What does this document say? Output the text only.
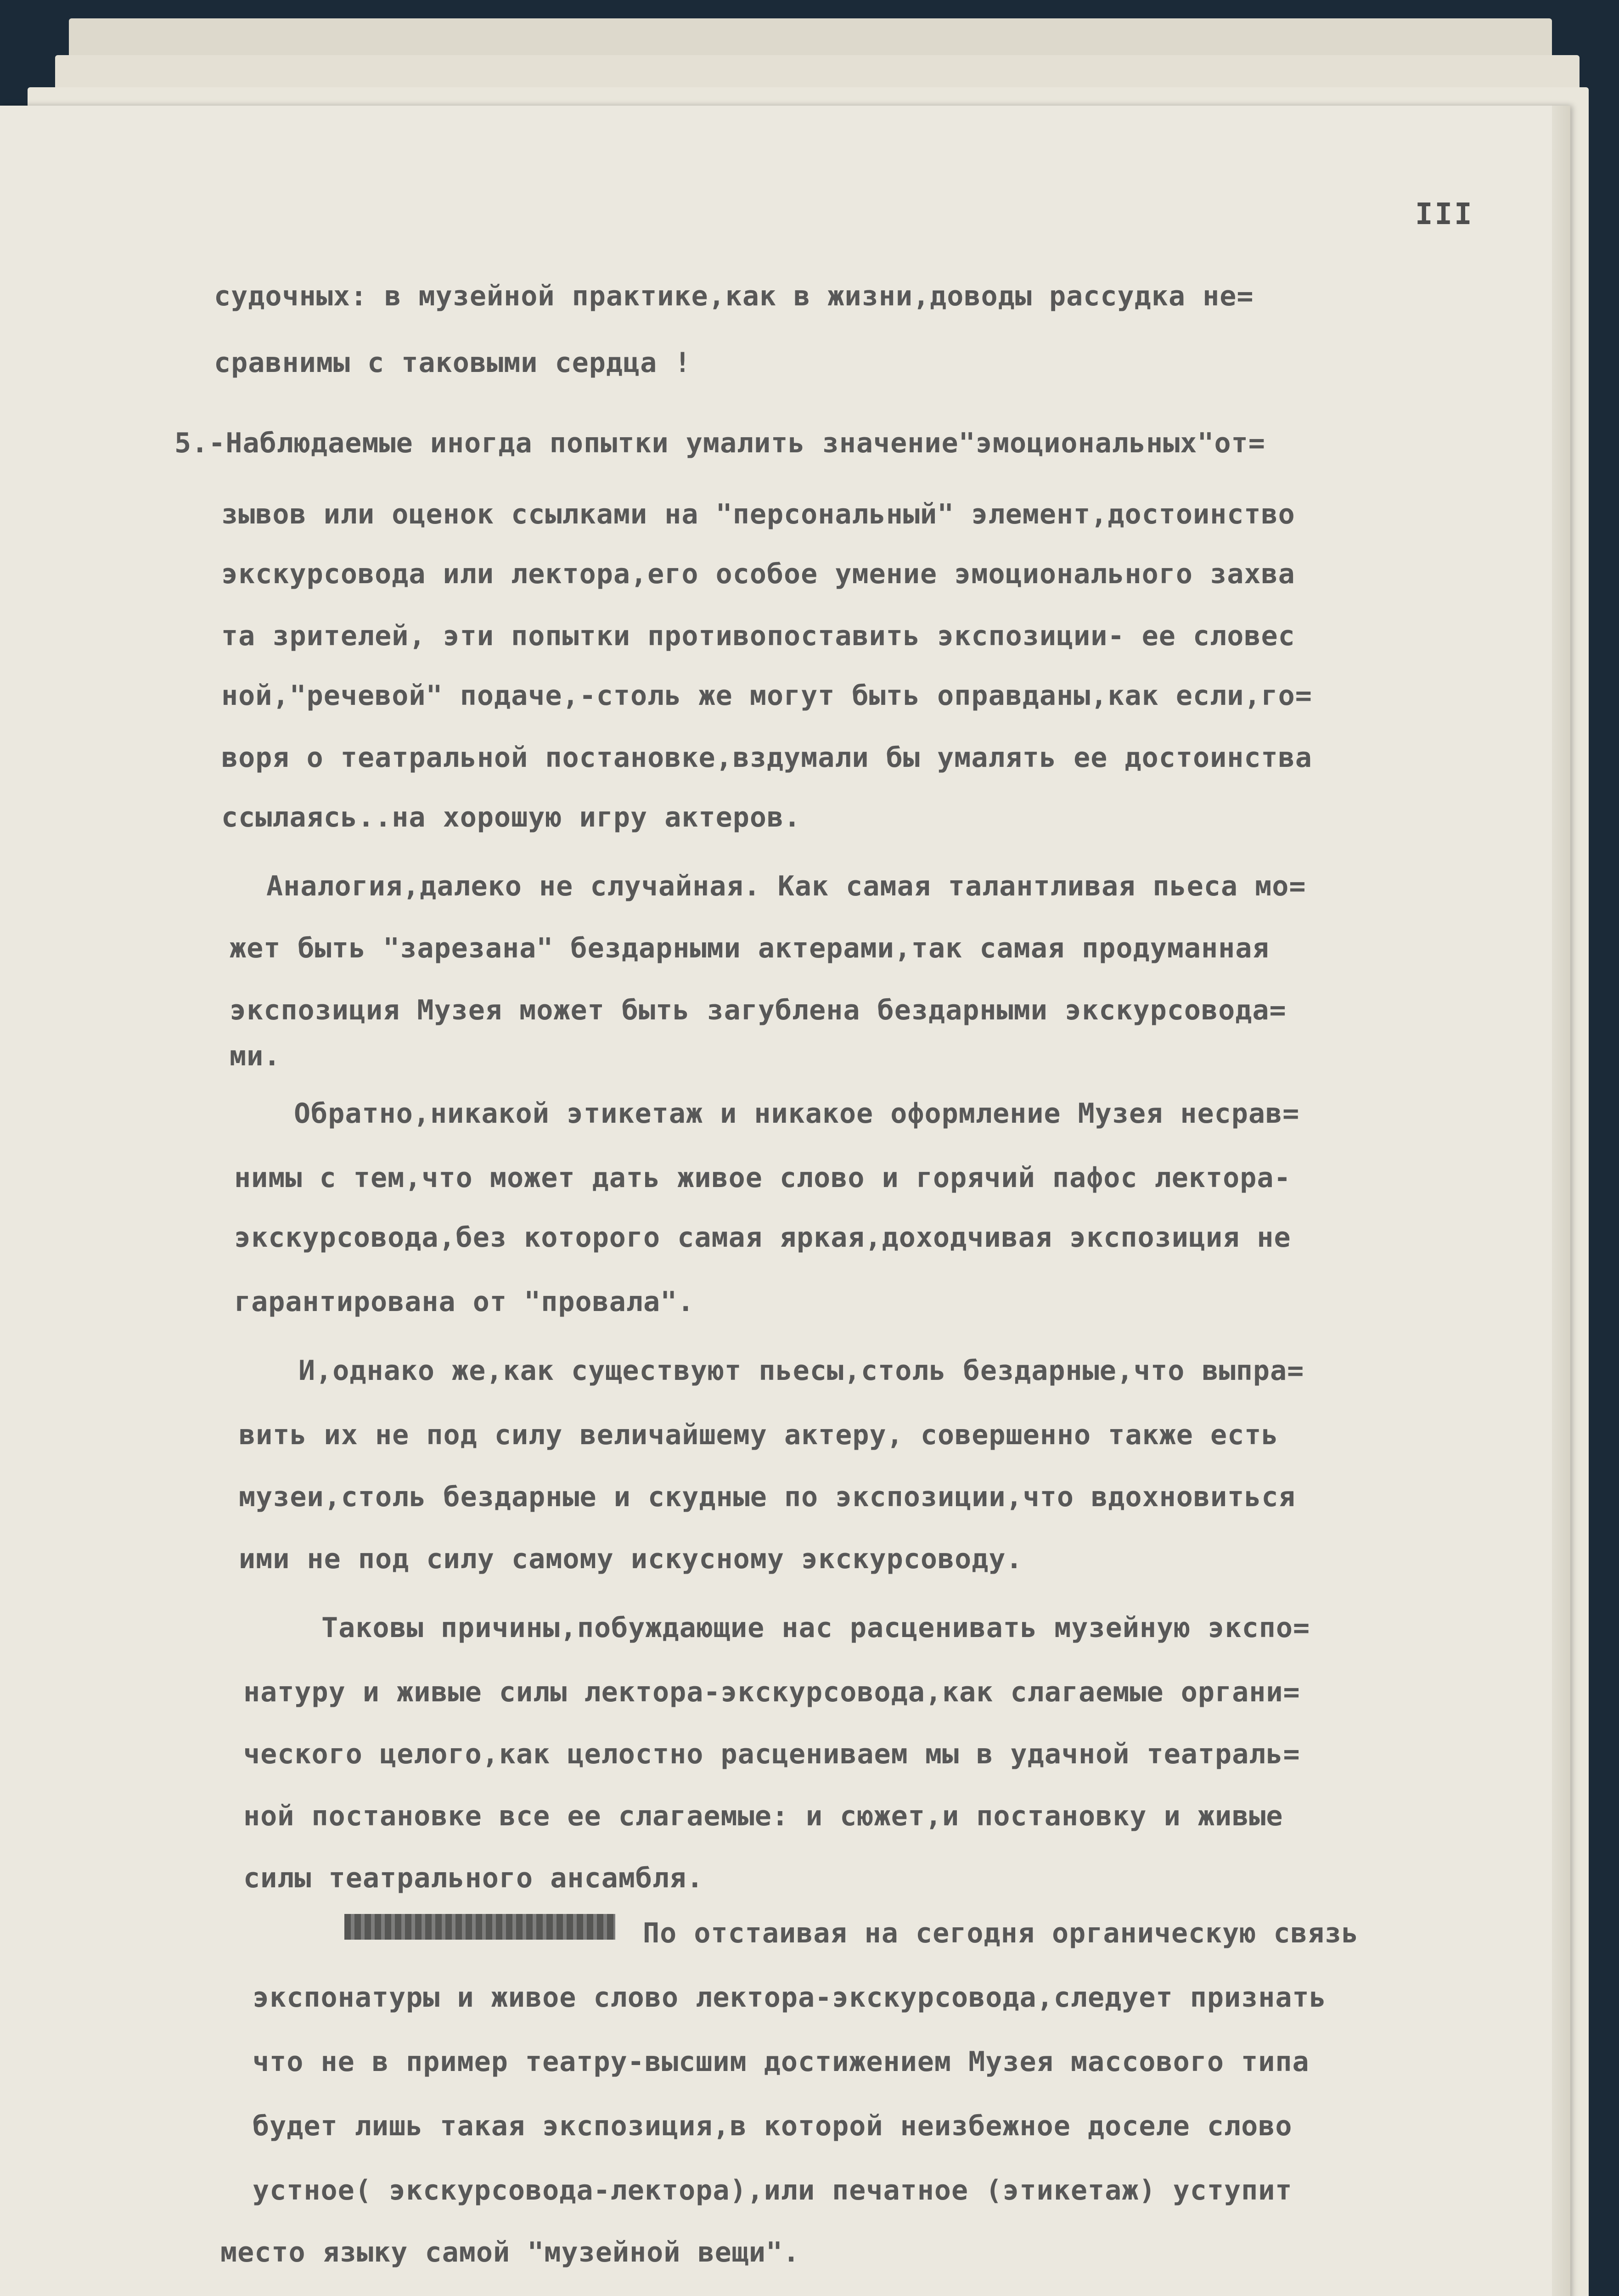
III
судочных: в музейной практике,как в жизни,доводы рассудка не=
сравнимы с таковыми сердца !
5.-Наблюдаемые иногда попытки умалить значение"эмоциональных"от=
зывов или оценок ссылками на "персональный" элемент,достоинство
экскурсовода или лектора,его особое умение эмоционального захва
та зрителей, эти попытки противопоставить экспозиции- ее словес
ной,"речевой" подаче,-столь же могут быть оправданы,как если,го=
воря о театральной постановке,вздумали бы умалять ее достоинства
ссылаясь..на хорошую игру актеров.
Аналогия,далеко не случайная. Как самая талантливая пьеса мо=
жет быть "зарезана" бездарными актерами,так самая продуманная
экспозиция Музея может быть загублена бездарными экскурсовода=
ми.
Обратно,никакой этикетаж и никакое оформление Музея несрав=
нимы с тем,что может дать живое слово и горячий пафос лектора-
экскурсовода,без которого самая яркая,доходчивая экспозиция не
гарантирована от "провала".
И,однако же,как существуют пьесы,столь бездарные,что выпра=
вить их не под силу величайшему актеру, совершенно также есть
музеи,столь бездарные и скудные по экспозиции,что вдохновиться
ими не под силу самому искусному экскурсоводу.
Таковы причины,побуждающие нас расценивать музейную экспо=
натуру и живые силы лектора-экскурсовода,как слагаемые органи=
ческого целого,как целостно расцениваем мы в удачной театраль=
ной постановке все ее слагаемые: и сюжет,и постановку и живые
силы театрального ансамбля.
По отстаивая на сегодня органическую связь
экспонатуры и живое слово лектора-экскурсовода,следует признать
что не в пример театру-высшим достижением Музея массового типа
будет лишь такая экспозиция,в которой неизбежное доселе слово
устное( экскурсовода-лектора),или печатное (этикетаж) уступит
место языку самой "музейной вещи".
